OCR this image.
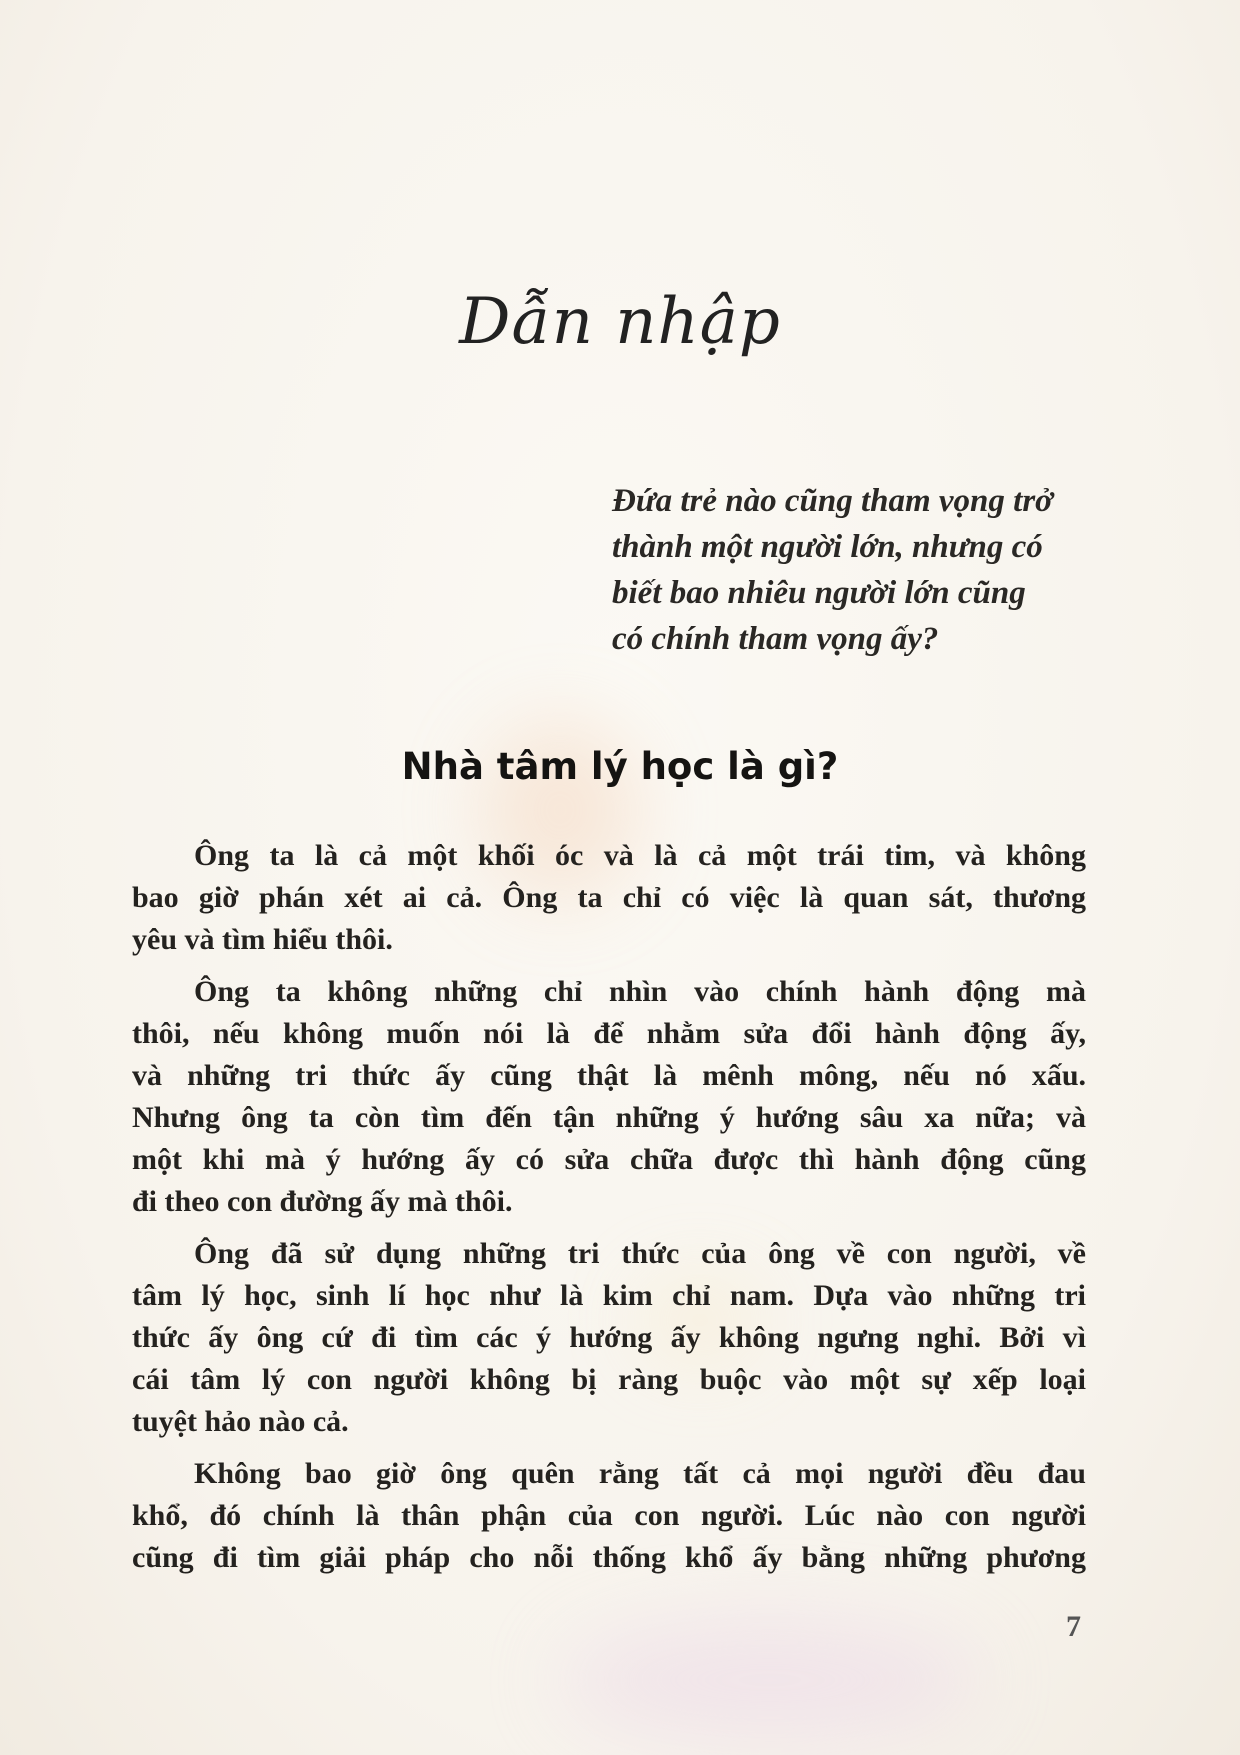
Dẫn nhập
Đứa trẻ nào cũng tham vọng trở
thành một người lớn, nhưng có
biết bao nhiêu người lớn cũng
có chính tham vọng ấy?
Nhà tâm lý học là gì?
Ông ta là cả một khối óc và là cả một trái tim, và không
bao giờ phán xét ai cả. Ông ta chỉ có việc là quan sát, thương
yêu và tìm hiểu thôi.
Ông ta không những chỉ nhìn vào chính hành động mà
thôi, nếu không muốn nói là để nhằm sửa đổi hành động ấy,
và những tri thức ấy cũng thật là mênh mông, nếu nó xấu.
Nhưng ông ta còn tìm đến tận những ý hướng sâu xa nữa; và
một khi mà ý hướng ấy có sửa chữa được thì hành động cũng
đi theo con đường ấy mà thôi.
Ông đã sử dụng những tri thức của ông về con người, về
tâm lý học, sinh lí học như là kim chỉ nam. Dựa vào những tri
thức ấy ông cứ đi tìm các ý hướng ấy không ngưng nghỉ. Bởi vì
cái tâm lý con người không bị ràng buộc vào một sự xếp loại
tuyệt hảo nào cả.
Không bao giờ ông quên rằng tất cả mọi người đều đau
khổ, đó chính là thân phận của con người. Lúc nào con người
cũng đi tìm giải pháp cho nỗi thống khổ ấy bằng những phương
7
